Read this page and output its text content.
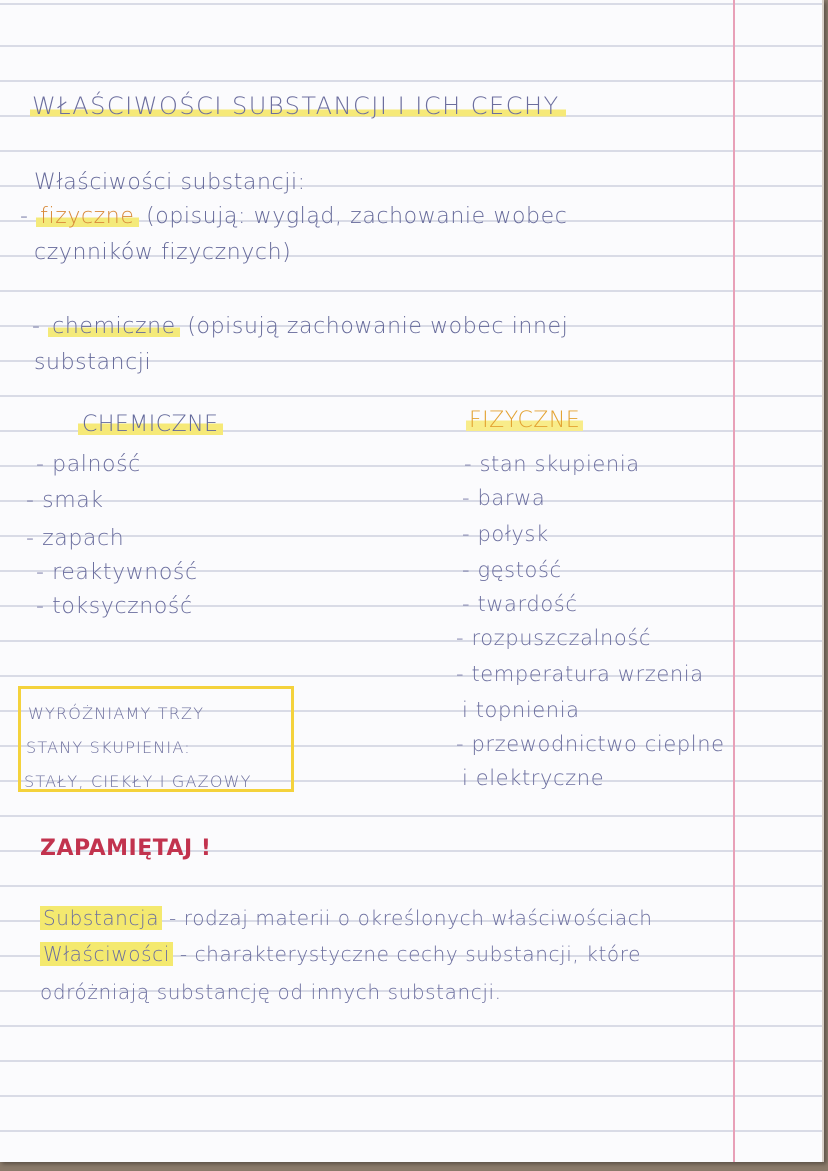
WŁAŚCIWOŚCI SUBSTANCJI I ICH CECHY
Właściwości substancji:
- fizyczne (opisują: wygląd, zachowanie wobec
czynników fizycznych)
- chemiczne (opisują zachowanie wobec innej
substancji
CHEMICZNE
- palność
- smak
- zapach
- reaktywność
- toksyczność
FIZYCZNE
- stan skupienia
- barwa
- połysk
- gęstość
- twardość
- rozpuszczalność
- temperatura wrzenia
i topnienia
- przewodnictwo cieplne
i elektryczne
WYRÓŻNIAMY TRZY
STANY SKUPIENIA:
STAŁY, CIEKŁY I GAZOWY
ZAPAMIĘTAJ !
Substancja - rodzaj materii o określonych właściwościach
Właściwości - charakterystyczne cechy substancji, które
odróżniają substancję od innych substancji.
